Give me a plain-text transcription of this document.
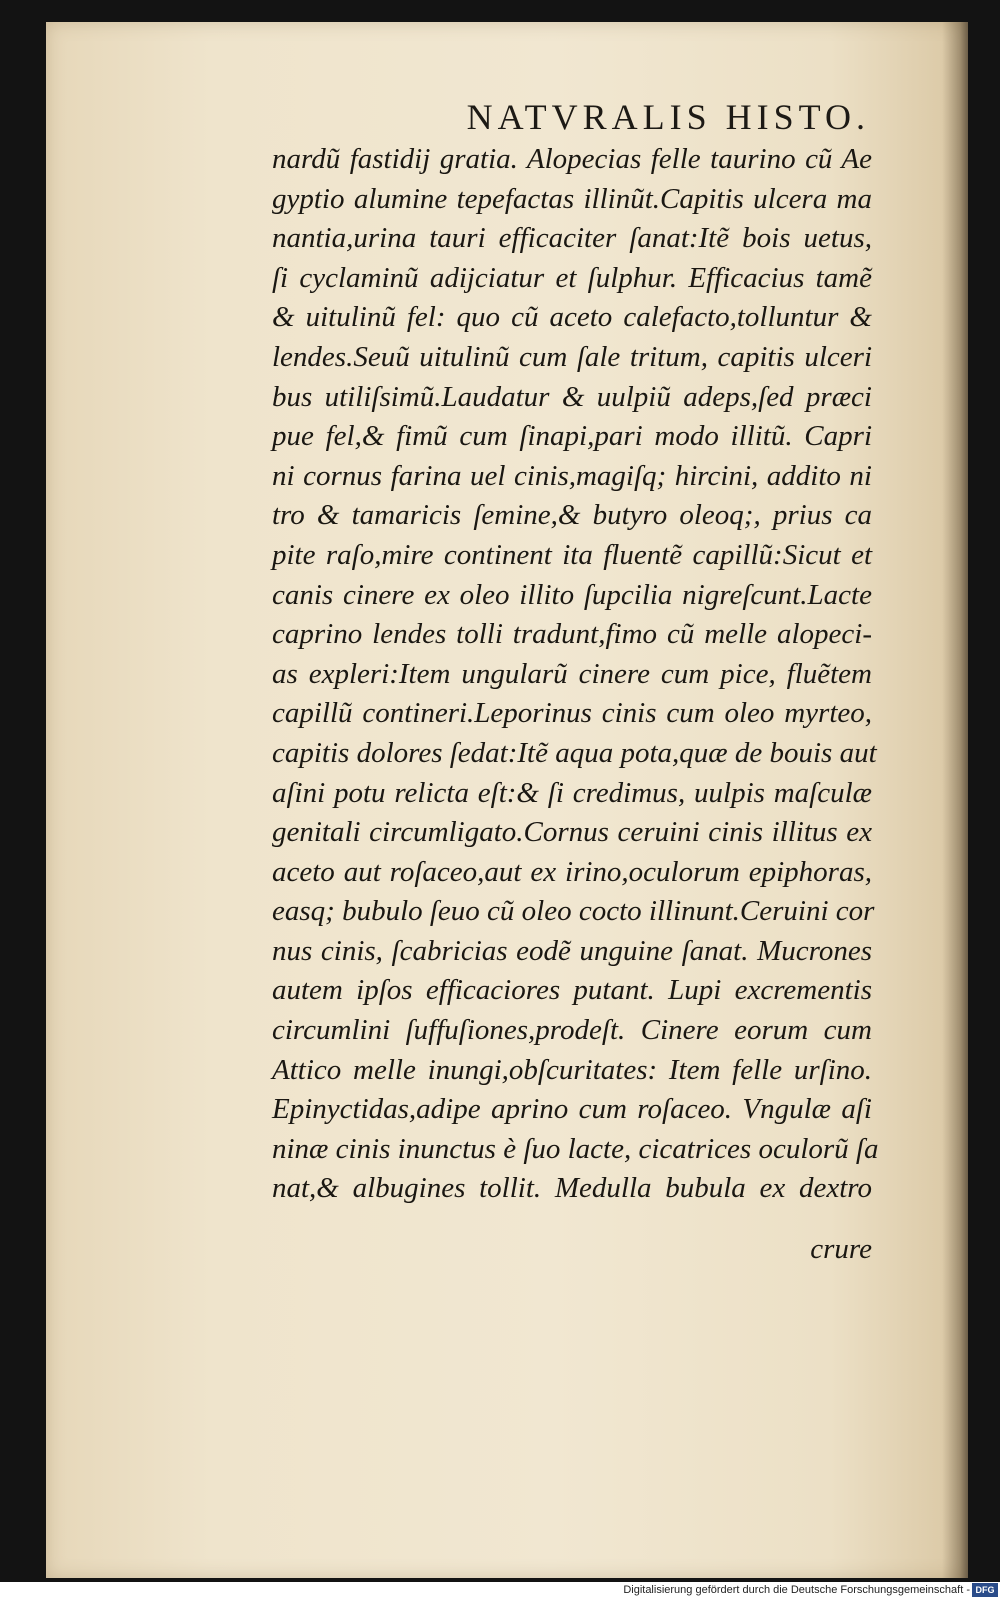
NATVRALIS HISTO.
nardũ fastidij gratia. Alopecias felle taurino cũ Ae
gyptio alumine tepefactas illinũt.Capitis ulcera ma
nantia,urina tauri efficaciter ſanat:Itẽ bois uetus,
ſi cyclaminũ adijciatur et ſulphur. Efficacius tamẽ
& uitulinũ fel: quo cũ aceto calefacto,tolluntur &
lendes.Seuũ uitulinũ cum ſale tritum, capitis ulceri
bus utiliſsimũ.Laudatur & uulpiũ adeps,ſed præci
pue fel,& fimũ cum ſinapi,pari modo illitũ. Capri
ni cornus farina uel cinis,magiſq; hircini, addito ni
tro & tamaricis ſemine,& butyro oleoq;, prius ca
pite raſo,mire continent ita fluentẽ capillũ:Sicut et
canis cinere ex oleo illito ſupcilia nigreſcunt.Lacte
caprino lendes tolli tradunt,fimo cũ melle alopeci-
as expleri:Item ungularũ cinere cum pice, fluẽtem
capillũ contineri.Leporinus cinis cum oleo myrteo,
capitis dolores ſedat:Itẽ aqua pota,quæ de bouis aut
aſini potu relicta eſt:& ſi credimus, uulpis maſculæ
genitali circumligato.Cornus ceruini cinis illitus ex
aceto aut roſaceo,aut ex irino,oculorum epiphoras,
easq; bubulo ſeuo cũ oleo cocto illinunt.Ceruini cor
nus cinis, ſcabricias eodẽ unguine ſanat. Mucrones
autem ipſos efficaciores putant. Lupi excrementis
circumlini ſuffuſiones,prodeſt. Cinere eorum cum
Attico melle inungi,obſcuritates: Item felle urſino.
Epinyctidas,adipe aprino cum roſaceo. Vngulæ aſi
ninæ cinis inunctus è ſuo lacte, cicatrices oculorũ ſa
nat,& albugines tollit. Medulla bubula ex dextro
crure
Digitalisierung gefördert durch die Deutsche Forschungsgemeinschaft - DFG
